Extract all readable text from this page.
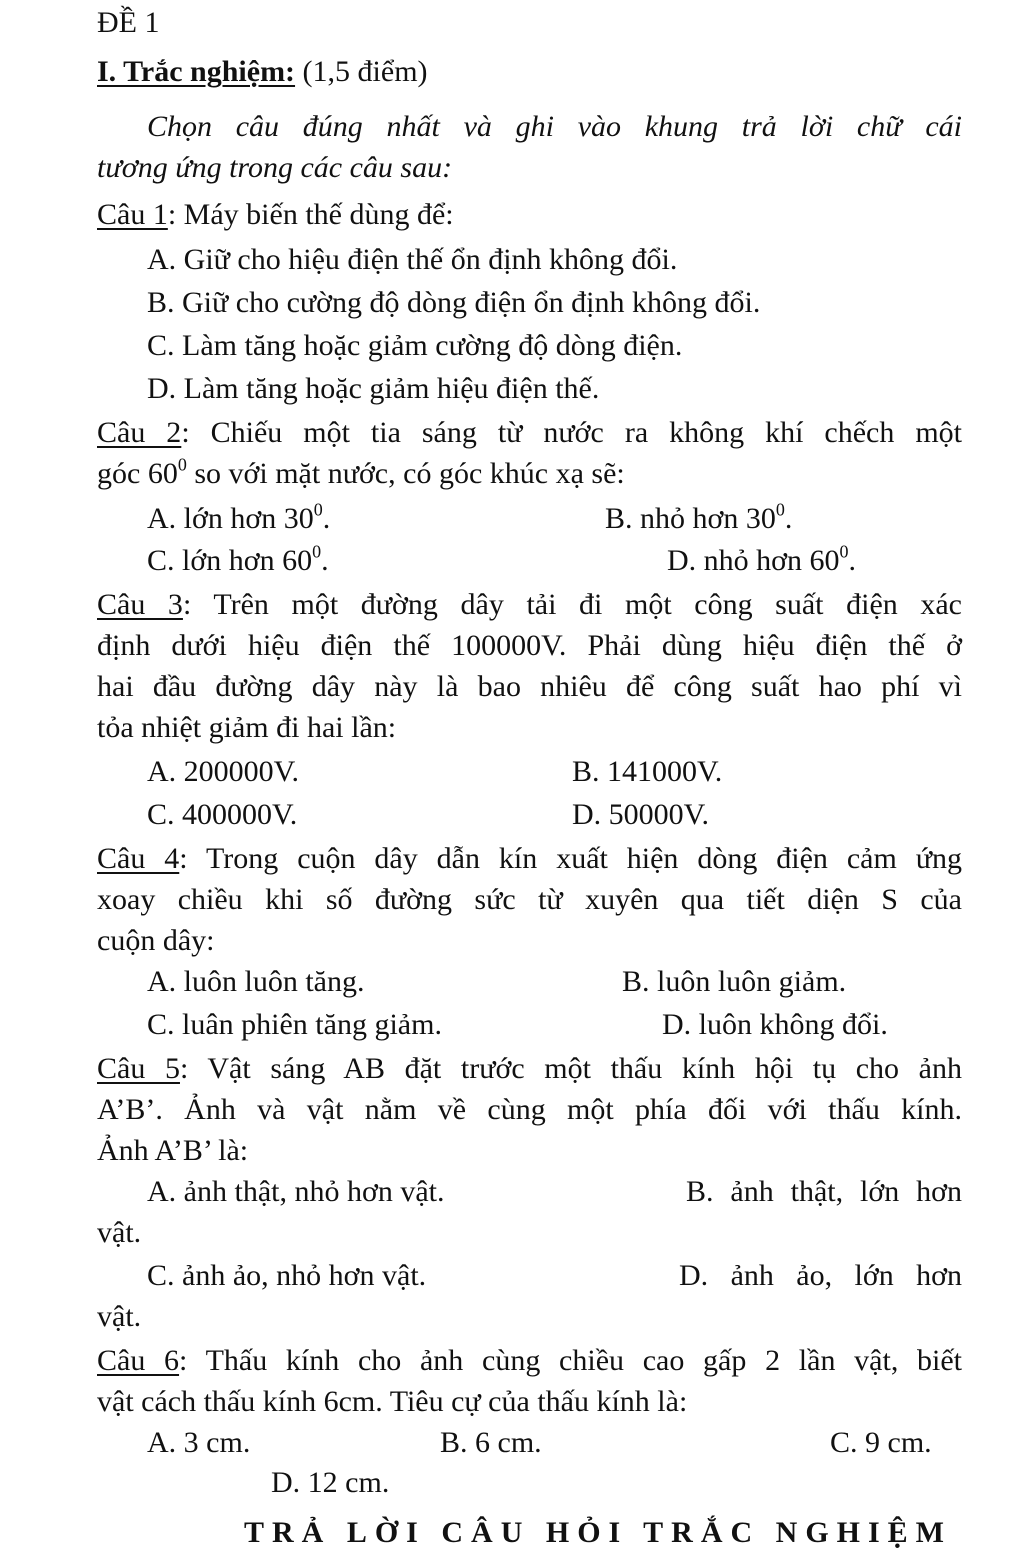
ĐỀ 1
I. Trắc nghiệm: (1,5 điểm)
Chọn câu đúng nhất và ghi vào khung trả lời chữ cái
tương ứng trong các câu sau:
Câu 1: Máy biến thế dùng để:
A. Giữ cho hiệu điện thế ổn định không đổi.
B. Giữ cho cường độ dòng điện ổn định không đổi.
C. Làm tăng hoặc giảm cường độ dòng điện.
D. Làm tăng hoặc giảm hiệu điện thế.
Câu 2: Chiếu một tia sáng từ nước ra không khí chếch một
góc $60^0$ so với mặt nước, có góc khúc xạ sẽ:
A. lớn hơn $30^0$.	B. nhỏ hơn $30^0$.
C. lớn hơn $60^0$.	D. nhỏ hơn $60^0$.
Câu 3: Trên một đường dây tải đi một công suất điện xác
định dưới hiệu điện thế 100000V. Phải dùng hiệu điện thế ở
hai đầu đường dây này là bao nhiêu để công suất hao phí vì
tỏa nhiệt giảm đi hai lần:
A. 200000V.	B. 141000V.
C. 400000V.	D. 50000V.
Câu 4: Trong cuộn dây dẫn kín xuất hiện dòng điện cảm ứng
xoay chiều khi số đường sức từ xuyên qua tiết diện S của
cuộn dây:
A. luôn luôn tăng.	B. luôn luôn giảm.
C. luân phiên tăng giảm.	D. luôn không đổi.
Câu 5: Vật sáng AB đặt trước một thấu kính hội tụ cho ảnh
A’B’. Ảnh và vật nằm về cùng một phía đối với thấu kính.
Ảnh A’B’ là:
A. ảnh thật, nhỏ hơn vật.	B. ảnh thật, lớn hơn
vật.
C. ảnh ảo, nhỏ hơn vật.	D. ảnh ảo, lớn hơn
vật.
Câu 6: Thấu kính cho ảnh cùng chiều cao gấp 2 lần vật, biết
vật cách thấu kính 6cm. Tiêu cự của thấu kính là:
A. 3 cm.	B. 6 cm.	C. 9 cm.
D. 12 cm.
TRẢ LỜI CÂU HỎI TRẮC NGHIỆM
